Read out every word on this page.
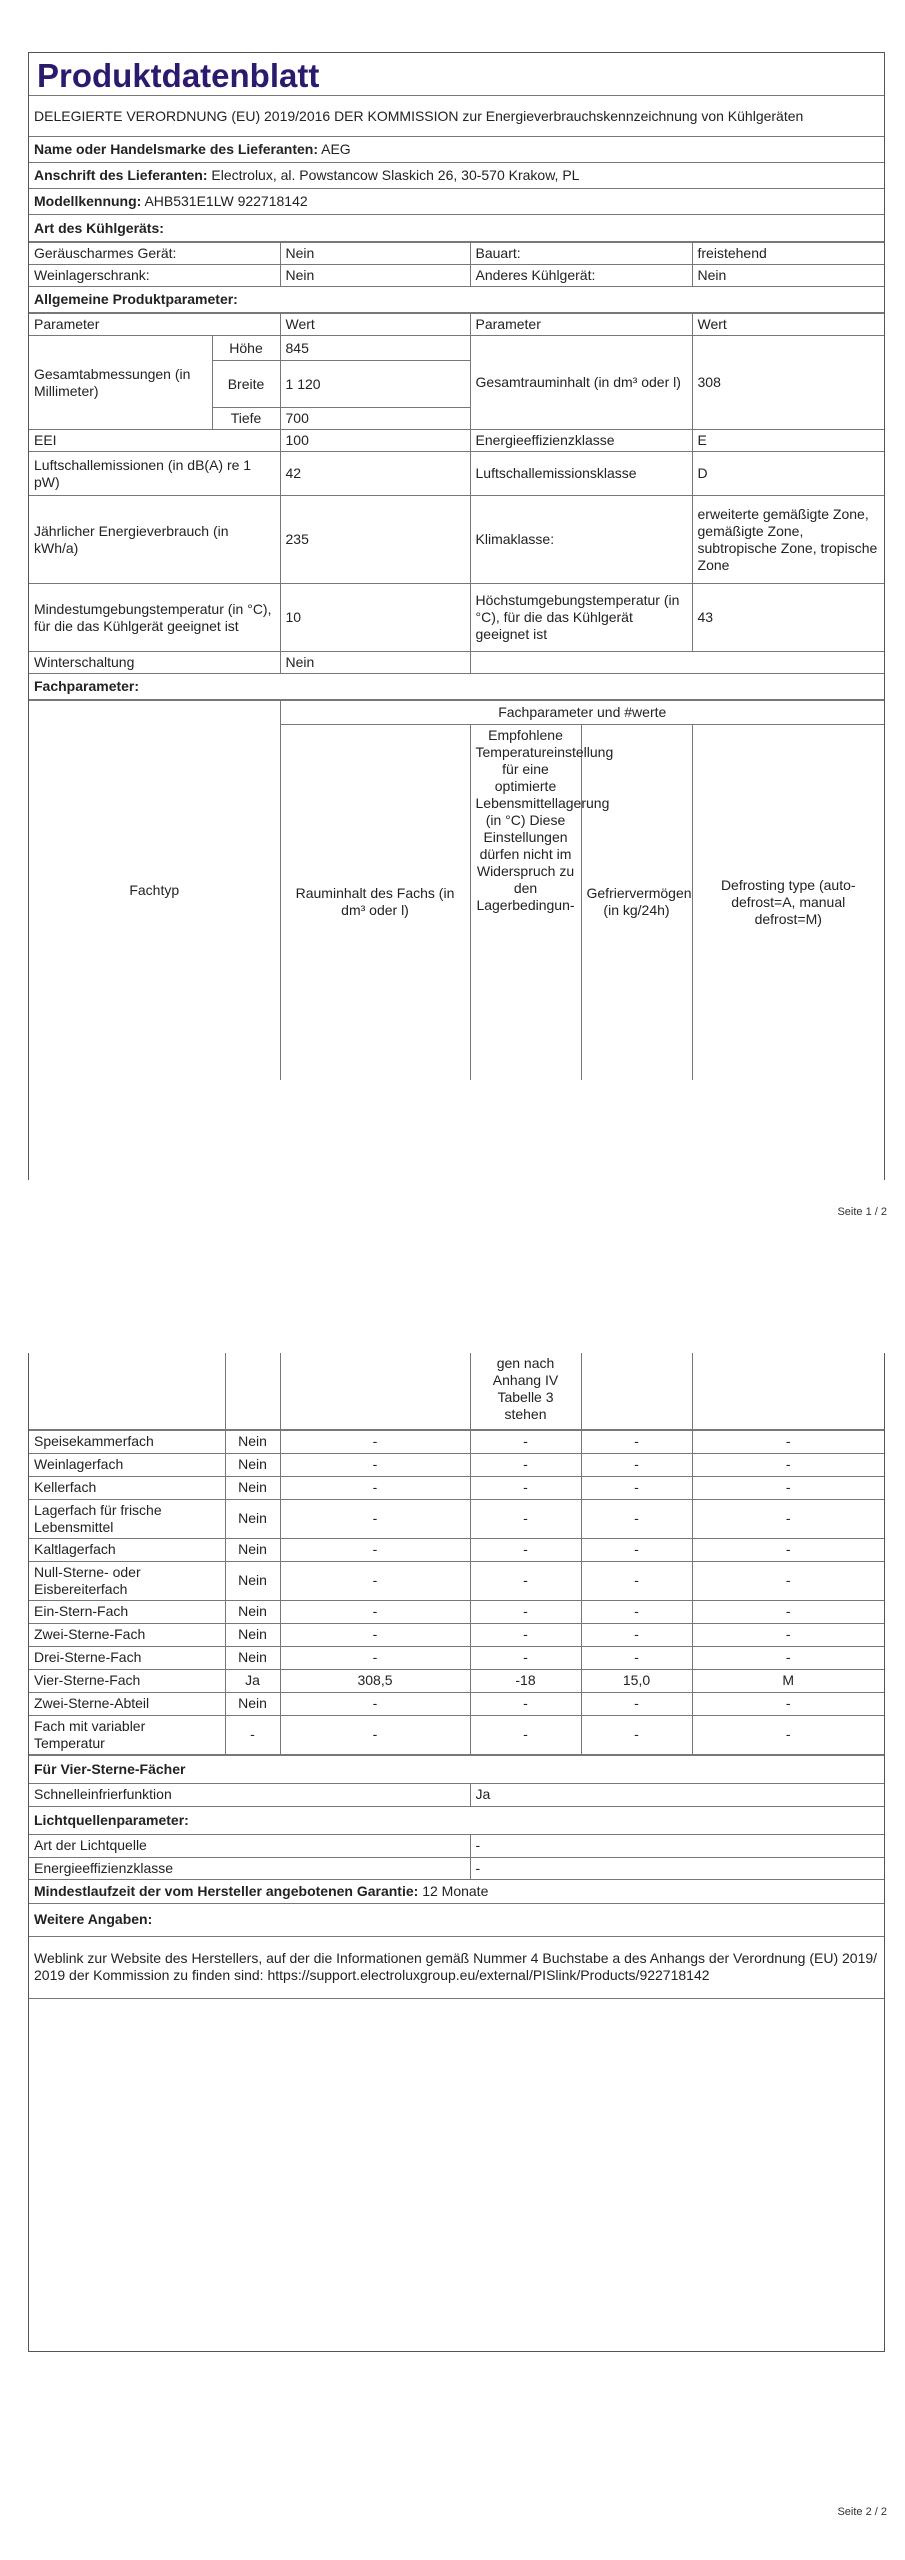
Produktdatenblatt
DELEGIERTE VERORDNUNG (EU) 2019/2016 DER KOMMISSION zur Energieverbrauchskennzeichnung von Kühlgeräten
Name oder Handelsmarke des Lieferanten: AEG
Anschrift des Lieferanten: Electrolux, al. Powstancow Slaskich 26, 30-570 Krakow, PL
Modellkennung: AHB531E1LW 922718142
Art des Kühlgeräts:
Geräuscharmes Gerät:	Nein	Bauart:	freistehend
Weinlagerschrank:	Nein	Anderes Kühlgerät:	Nein
Allgemeine Produktparameter:			
Parameter		Wert	Parameter	Wert
Gesamtabmessungen (in Millimeter)	Höhe	845	Gesamtrauminhalt (in dm³ oder l)	308
	Breite	1 120		
	Tiefe	700		
EEI		100	Energieeffizienzklasse	E
Luftschallemissionen (in dB(A) re 1 pW)		42	Luftschallemissionsklasse	D
Jährlicher Energieverbrauch (in kWh/a)		235	Klimaklasse:	erweiterte gemäßigte Zone, gemäßigte Zone, subtropische Zone, tropische Zone
Mindestumgebungstemperatur (in °C), für die das Kühlgerät geeignet ist		10	Höchstumgebungstemperatur (in °C), für die das Kühlgerät geeignet ist	43
Winterschaltung		Nein		
Fachparameter:				
Fachtyp	Fachparameter und #werte			
	Rauminhalt des Fachs (in dm³ oder l)	Empfohlene Temperatureinstellung für eine optimierte Lebensmittellagerung (in °C) Diese Einstellungen dürfen nicht im Widerspruch zu den Lagerbedingun-	Gefriervermögen (in kg/24h)	Defrosting type (auto-defrost=A, manual defrost=M)
Seite 1 / 2
			gen nach Anhang IV Tabelle 3 stehen		
Speisekammerfach	Nein	-	-	-	-
Weinlagerfach	Nein	-	-	-	-
Kellerfach	Nein	-	-	-	-
Lagerfach für frische Lebensmittel	Nein	-	-	-	-
Kaltlagerfach	Nein	-	-	-	-
Null-Sterne- oder Eisbereiterfach	Nein	-	-	-	-
Ein-Stern-Fach	Nein	-	-	-	-
Zwei-Sterne-Fach	Nein	-	-	-	-
Drei-Sterne-Fach	Nein	-	-	-	-
Vier-Sterne-Fach	Ja	308,5	-18	15,0	M
Zwei-Sterne-Abteil	Nein	-	-	-	-
Fach mit variabler Temperatur	-	-	-	-	-
Für Vier-Sterne-Fächer	
Schnelleinfrierfunktion	Ja
Lichtquellenparameter:	
Art der Lichtquelle	-
Energieeffizienzklasse	-
Mindestlaufzeit der vom Hersteller angebotenen Garantie: 12 Monate	
Weitere Angaben:	
Weblink zur Website des Herstellers, auf der die Informationen gemäß Nummer 4 Buchstabe a des Anhangs der Verordnung (EU) 2019/2019 der Kommission zu finden sind: https://support.electroluxgroup.eu/external/PISlink/Products/922718142	
Seite 2 / 2
